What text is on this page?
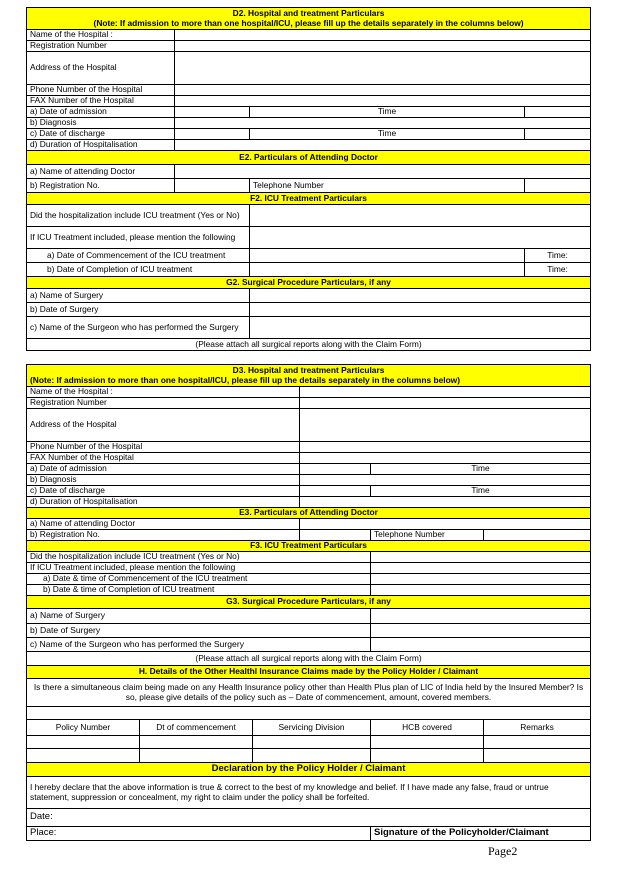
D2. Hospital and treatment Particulars
(Note: If admission to more than one hospital/ICU, please fill up the details separately in the columns below)			

Name of the Hospital :			
Registration Number			
Address of the Hospital			
Phone Number of the Hospital			
FAX Number of the Hospital			
a) Date of admission		Time	
b) Diagnosis			
c) Date of discharge		Time	
d) Duration of Hospitalisation			
E2. Particulars of Attending Doctor			
a) Name of attending Doctor			
b) Registration No.		Telephone Number	
F2. ICU Treatment Particulars			
Did the hospitalization include ICU treatment (Yes or No)			
If ICU Treatment included, please mention the following			
a) Date of Commencement of the ICU treatment			Time:
b) Date of Completion of ICU treatment			Time:
G2. Surgical Procedure Particulars, if any			
a) Name of Surgery			
b) Date of Surgery			
c) Name of the Surgeon who has performed the Surgery			
(Please attach all surgical reports along with the Claim Form)			
D3. Hospital and treatment Particulars
(Note: If admission to more than one hospital/ICU, please fill up the details separately in the columns below)					

Name of the Hospital :					
Registration Number					
Address of the Hospital					
Phone Number of the Hospital					
FAX Number of the Hospital					
a) Date of admission				Time	
b) Diagnosis					
c) Date of discharge				Time	
d) Duration of Hospitalisation					
E3. Particulars of Attending Doctor					
a) Name of attending Doctor					
b) Registration No.				Telephone Number	
F3. ICU Treatment Particulars					
Did the hospitalization include ICU treatment (Yes or No)					
If ICU Treatment included, please mention the following					
a) Date & time of Commencement of the ICU treatment					
b) Date & time of Completion of ICU treatment					
G3. Surgical Procedure Particulars, if any					
a) Name of Surgery					
b) Date of Surgery					
c) Name of the Surgeon who has performed the Surgery					
(Please attach all surgical reports along with the Claim Form)					
H. Details of the Other Healthl Insurance Claims made by the Policy Holder / Claimant					
Is there a simultaneous claim being made on any Health Insurance policy other than Health Plus plan of LIC of India held by the Insured Member? Is so, please give details of the policy such as – Date of commencement, amount, covered members.					

Policy Number	Dt of commencement	Servicing Division		HCB covered	Remarks

Declaration by the Policy Holder / Claimant					
I hereby declare that the above information is true & correct to the best of my knowledge and belief. If I have made any false, fraud or untrue statement, suppression or concealment, my right to claim under the policy shall be forfeited.					
Date:					
Place:				Signature of the Policyholder/Claimant	
Page2
